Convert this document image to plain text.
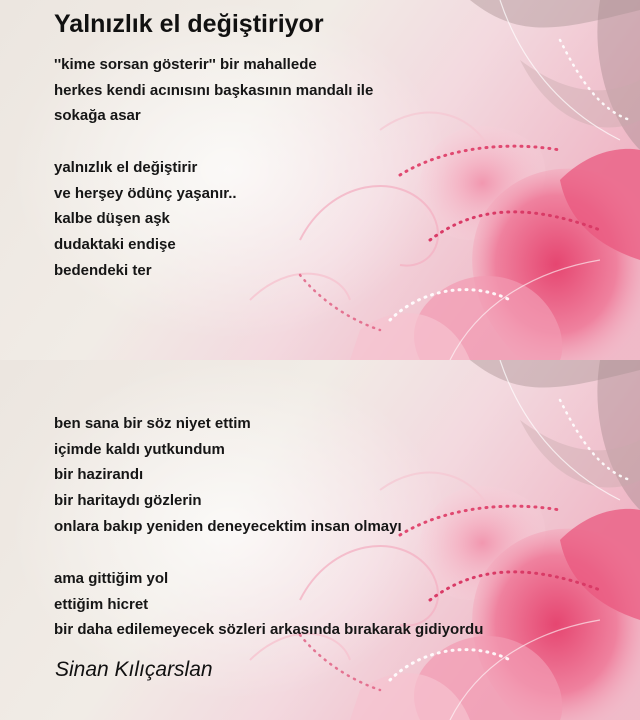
Yalnızlık el değiştiriyor
''kime sorsan gösterir'' bir mahallede
herkes kendi acınısını başkasının mandalı ile
sokağa asar
yalnızlık el değiştirir
ve herşey ödünç yaşanır..
kalbe düşen aşk
dudaktaki endişe
bedendeki ter
ben sana bir söz niyet ettim
içimde kaldı yutkundum
bir hazirandı
bir haritaydı gözlerin
onlara bakıp yeniden deneyecektim insan olmayı
ama gittiğim yol
ettiğim hicret
bir daha edilemeyecek sözleri arkasında bırakarak gidiyordu
Sinan Kılıçarslan
